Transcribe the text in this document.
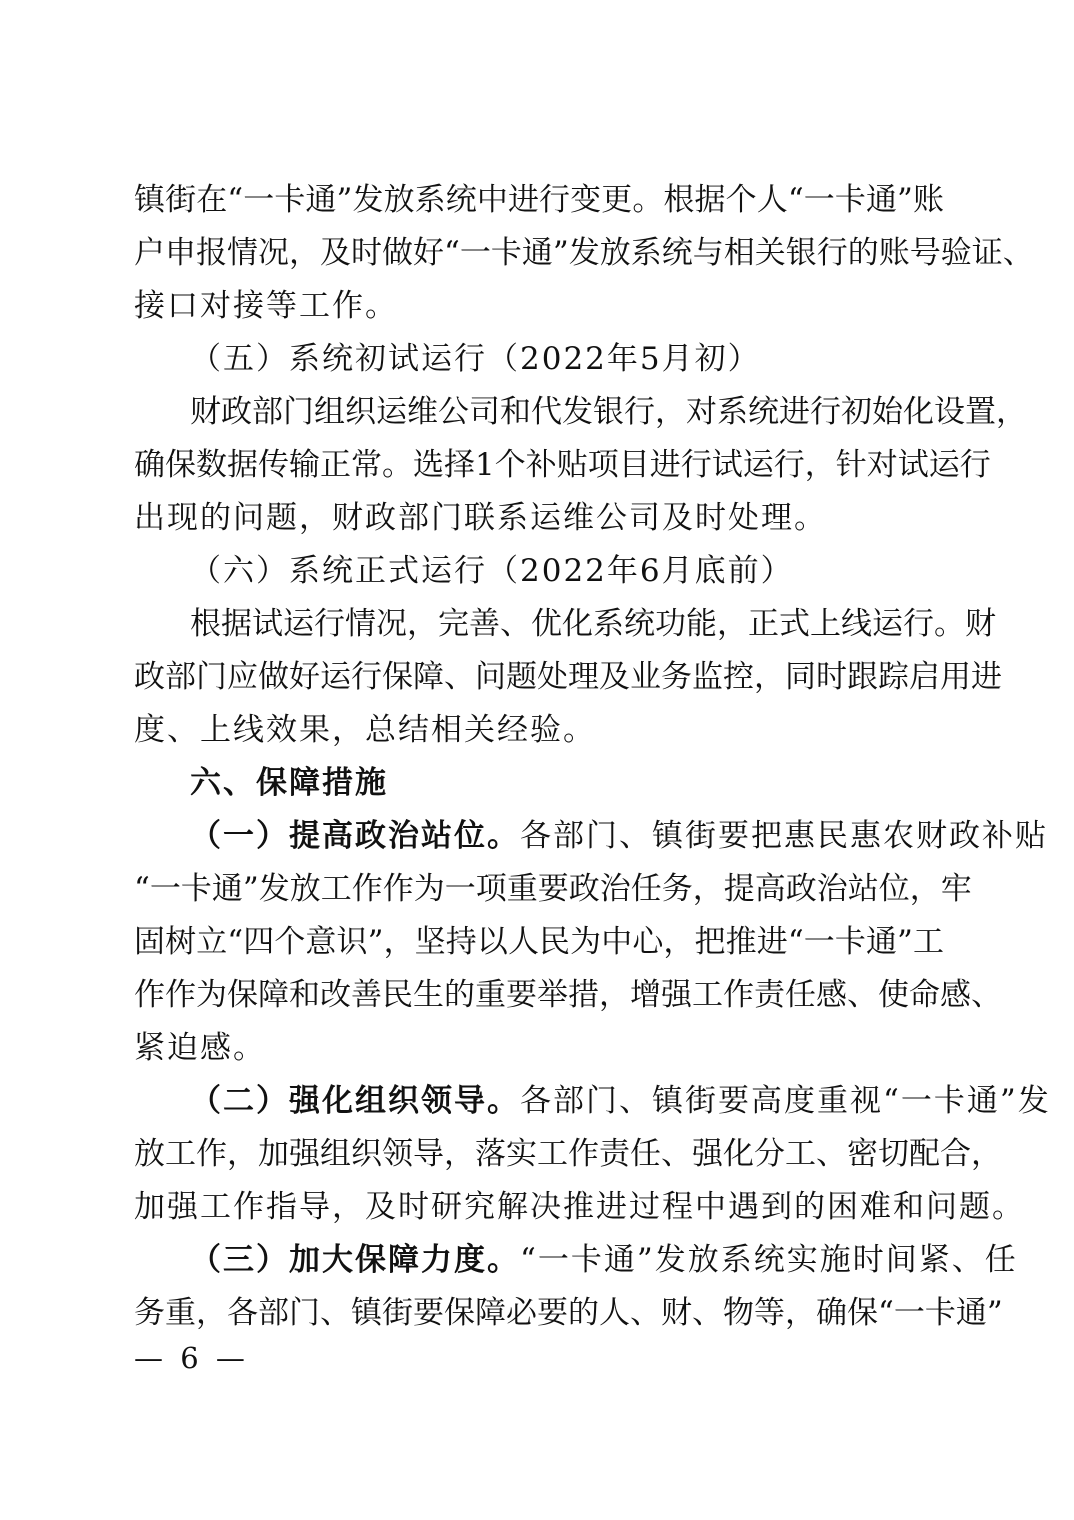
镇街在“一卡通”发放系统中进行变更。根据个人“一卡通”账
户申报情况，及时做好“一卡通”发放系统与相关银行的账号验证、
接口对接等工作。
（五）系统初试运行（2022年5月初）
财政部门组织运维公司和代发银行，对系统进行初始化设置，
确保数据传输正常。选择1个补贴项目进行试运行，针对试运行
出现的问题，财政部门联系运维公司及时处理。
（六）系统正式运行（2022年6月底前）
根据试运行情况，完善、优化系统功能，正式上线运行。财
政部门应做好运行保障、问题处理及业务监控，同时跟踪启用进
度、上线效果，总结相关经验。
六、保障措施
（一）提高政治站位。各部门、镇街要把惠民惠农财政补贴
“一卡通”发放工作作为一项重要政治任务，提高政治站位，牢
固树立“四个意识”，坚持以人民为中心，把推进“一卡通”工
作作为保障和改善民生的重要举措，增强工作责任感、使命感、
紧迫感。
（二）强化组织领导。各部门、镇街要高度重视“一卡通”发
放工作，加强组织领导，落实工作责任、强化分工、密切配合，
加强工作指导，及时研究解决推进过程中遇到的困难和问题。
（三）加大保障力度。“一卡通”发放系统实施时间紧、任
务重，各部门、镇街要保障必要的人、财、物等，确保“一卡通”
— 6 —
